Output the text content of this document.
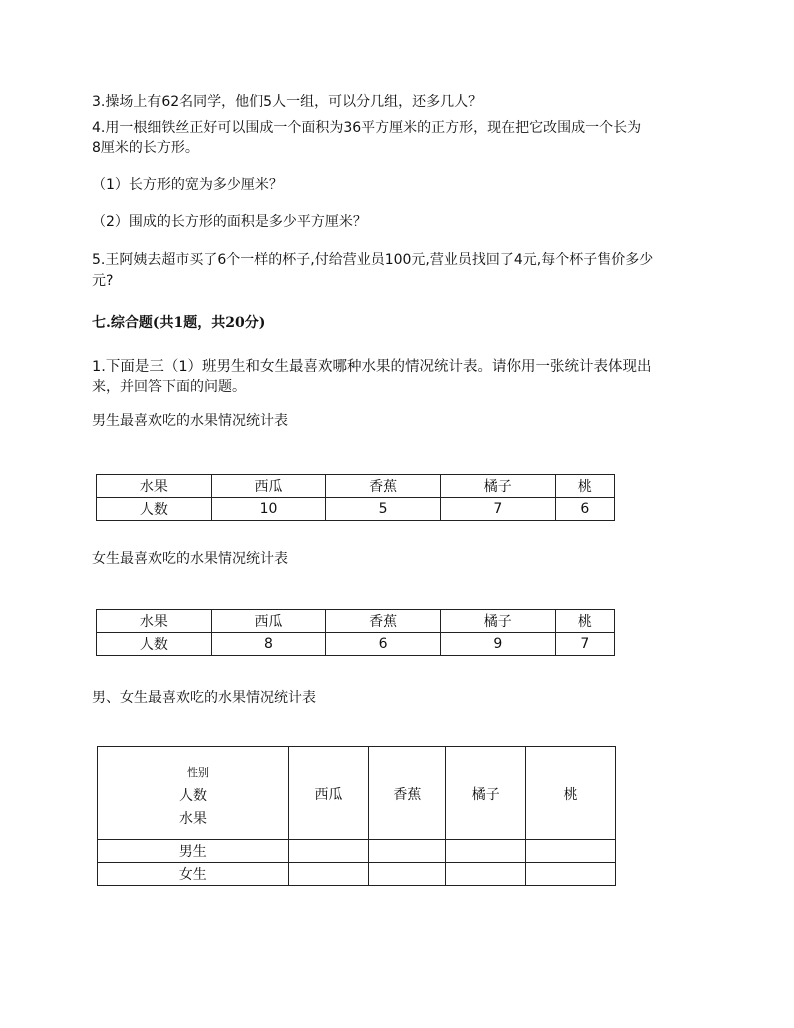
3.操场上有62名同学，他们5人一组，可以分几组，还多几人？
4.用一根细铁丝正好可以围成一个面积为36平方厘米的正方形，现在把它改围成一个长为
8厘米的长方形。
（1）长方形的宽为多少厘米？
（2）围成的长方形的面积是多少平方厘米？
5.王阿姨去超市买了6个一样的杯子,付给营业员100元,营业员找回了4元,每个杯子售价多少
元?
七.综合题(共1题，共20分)
1.下面是三（1）班男生和女生最喜欢哪种水果的情况统计表。请你用一张统计表体现出
来，并回答下面的问题。
男生最喜欢吃的水果情况统计表
水果	西瓜	香蕉	橘子	桃
人数	10	5	7	6
女生最喜欢吃的水果情况统计表
水果	西瓜	香蕉	橘子	桃
人数	8	6	9	7
男、女生最喜欢吃的水果情况统计表
性别
人数
水果	西瓜	香蕉	橘子	桃
男生				
女生				
